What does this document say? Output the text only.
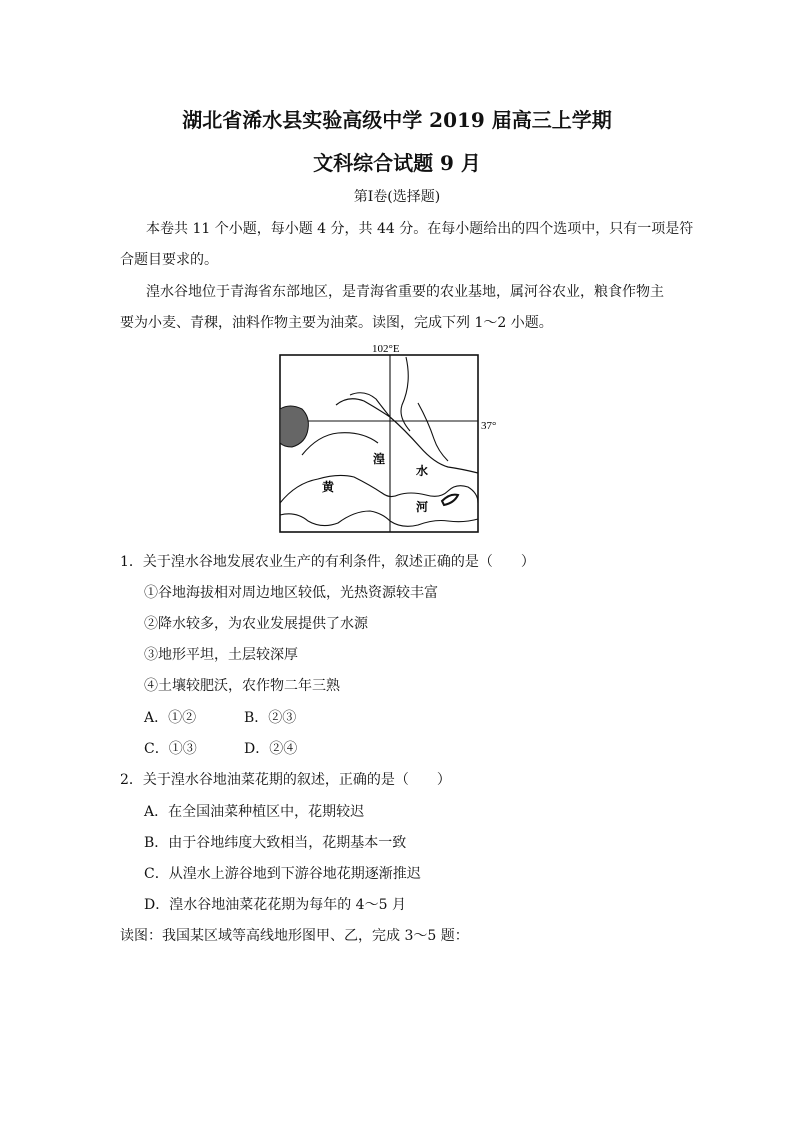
湖北省浠水县实验高级中学 2019 届高三上学期
文科综合试题 9 月
第Ⅰ卷(选择题)
本卷共 11 个小题，每小题 4 分，共 44 分。在每小题给出的四个选项中，只有一项是符
合题目要求的。
湟水谷地位于青海省东部地区，是青海省重要的农业基地，属河谷农业，粮食作物主
要为小麦、青稞，油料作物主要为油菜。读图，完成下列 1～2 小题。
102°E
37°
湟
水
黄
河
1．关于湟水谷地发展农业生产的有利条件，叙述正确的是（　　）
①谷地海拔相对周边地区较低，光热资源较丰富
②降水较多，为农业发展提供了水源
③地形平坦，土层较深厚
④土壤较肥沃，农作物二年三熟
A．①②	B．②③
C．①③	D．②④
2．关于湟水谷地油菜花期的叙述，正确的是（　　）
A．在全国油菜种植区中，花期较迟
B．由于谷地纬度大致相当，花期基本一致
C．从湟水上游谷地到下游谷地花期逐渐推迟
D．湟水谷地油菜花花期为每年的 4～5 月
读图：我国某区域等高线地形图甲、乙，完成 3～5 题：
